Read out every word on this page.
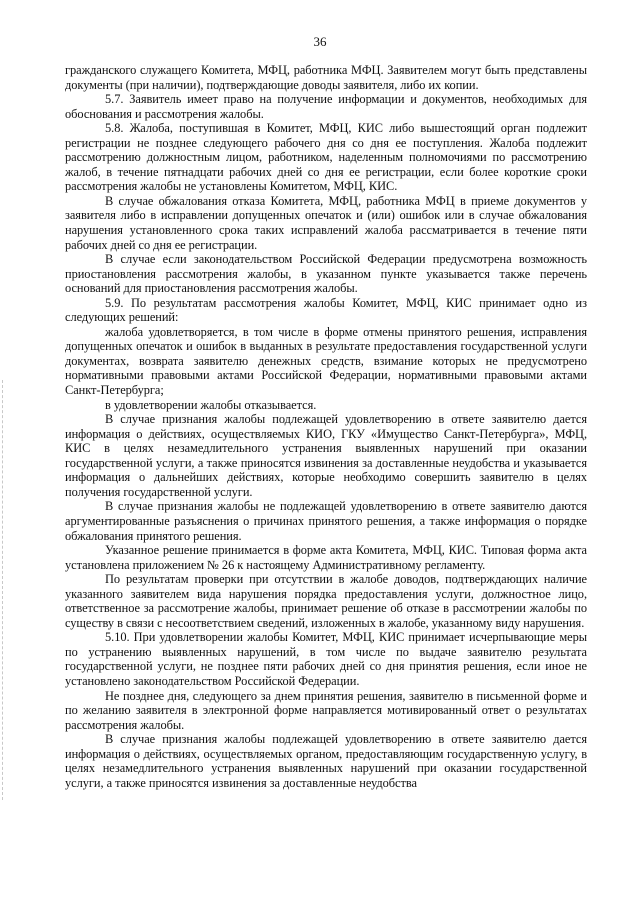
36

гражданского служащего Комитета, МФЦ, работника МФЦ. Заявителем могут быть представлены документы (при наличии), подтверждающие доводы заявителя, либо их копии.

5.7. Заявитель имеет право на получение информации и документов, необходимых для обоснования и рассмотрения жалобы.

5.8. Жалоба, поступившая в Комитет, МФЦ, КИС либо вышестоящий орган подлежит регистрации не позднее следующего рабочего дня со дня ее поступления. Жалоба подлежит рассмотрению должностным лицом, работником, наделенным полномочиями по рассмотрению жалоб, в течение пятнадцати рабочих дней со дня ее регистрации, если более короткие сроки рассмотрения жалобы не установлены Комитетом, МФЦ, КИС.

В случае обжалования отказа Комитета, МФЦ, работника МФЦ в приеме документов у заявителя либо в исправлении допущенных опечаток и (или) ошибок или в случае обжалования нарушения установленного срока таких исправлений жалоба рассматривается в течение пяти рабочих дней со дня ее регистрации.

В случае если законодательством Российской Федерации предусмотрена возможность приостановления рассмотрения жалобы, в указанном пункте указывается также перечень оснований для приостановления рассмотрения жалобы.

5.9. По результатам рассмотрения жалобы Комитет, МФЦ, КИС принимает одно из следующих решений:

жалоба удовлетворяется, в том числе в форме отмены принятого решения, исправления допущенных опечаток и ошибок в выданных в результате предоставления государственной услуги документах, возврата заявителю денежных средств, взимание которых не предусмотрено нормативными правовыми актами Российской Федерации, нормативными правовыми актами Санкт-Петербурга;

в удовлетворении жалобы отказывается.

В случае признания жалобы подлежащей удовлетворению в ответе заявителю дается информация о действиях, осуществляемых КИО, ГКУ «Имущество Санкт-Петербурга», МФЦ, КИС в целях незамедлительного устранения выявленных нарушений при оказании государственной услуги, а также приносятся извинения за доставленные неудобства и указывается информация о дальнейших действиях, которые необходимо совершить заявителю в целях получения государственной услуги.

В случае признания жалобы не подлежащей удовлетворению в ответе заявителю даются аргументированные разъяснения о причинах принятого решения, а также информация о порядке обжалования принятого решения.

Указанное решение принимается в форме акта Комитета, МФЦ, КИС. Типовая форма акта установлена приложением № 26 к настоящему Административному регламенту.

По результатам проверки при отсутствии в жалобе доводов, подтверждающих наличие указанного заявителем вида нарушения порядка предоставления услуги, должностное лицо, ответственное за рассмотрение жалобы, принимает решение об отказе в рассмотрении жалобы по существу в связи с несоответствием сведений, изложенных в жалобе, указанному виду нарушения.

5.10. При удовлетворении жалобы Комитет, МФЦ, КИС принимает исчерпывающие меры по устранению выявленных нарушений, в том числе по выдаче заявителю результата государственной услуги, не позднее пяти рабочих дней со дня принятия решения, если иное не установлено законодательством Российской Федерации.

Не позднее дня, следующего за днем принятия решения, заявителю в письменной форме и по желанию заявителя в электронной форме направляется мотивированный ответ о результатах рассмотрения жалобы.

В случае признания жалобы подлежащей удовлетворению в ответе заявителю дается информация о действиях, осуществляемых органом, предоставляющим государственную услугу, в целях незамедлительного устранения выявленных нарушений при оказании государственной услуги, а также приносятся извинения за доставленные неудобства
